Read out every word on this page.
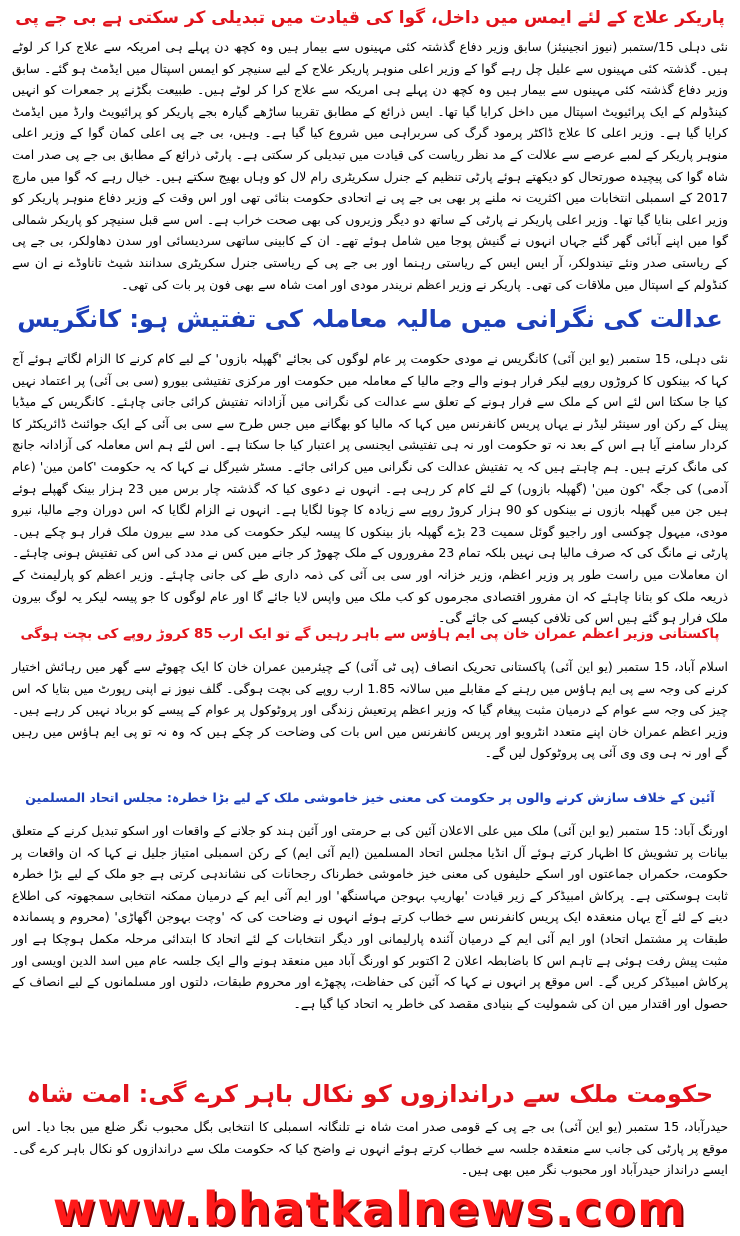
پاریکر علاج کے لئے ایمس میں داخل، گوا کی قیادت میں تبدیلی کر سکتی ہے بی جے پی

نئی دہلی 15/ستمبر (نیوز انجینیئز) سابق وزیر دفاع گذشتہ کئی مہینوں سے بیمار ہیں وہ کچھ دن پہلے ہی امریکہ سے علاج کرا کر لوٹے ہیں۔ گذشتہ کئی مہینوں سے علیل چل رہے گوا کے وزیر اعلی منوہر پاریکر علاج کے لیے سنیچر کو ایمس اسپتال میں ایڈمٹ ہو گئے۔ سابق وزیر دفاع گذشتہ کئی مہینوں سے بیمار ہیں وہ کچھ دن پہلے ہی امریکہ سے علاج کرا کر لوٹے ہیں۔ طبیعت بگڑنے پر جمعرات کو انہیں کینڈولم کے ایک پرائیویٹ اسپتال میں داخل کرایا گیا تھا۔ ایس ذرائع کے مطابق تقریبا ساڑھے گیارہ بجے پاریکر کو پرائیویٹ وارڈ میں ایڈمٹ کرایا گیا ہے۔ وزیر اعلی کا علاج ڈاکٹر پرمود گرگ کی سربراہی میں شروع کیا گیا ہے۔ وہیں، بی جے پی اعلی کمان گوا کے وزیر اعلی منوہر پاریکر کے لمبے عرصے سے علالت کے مد نظر ریاست کی قیادت میں تبدیلی کر سکتی ہے۔ پارٹی ذرائع کے مطابق بی جے پی صدر امت شاہ گوا کی پیچیدہ صورتحال کو دیکھتے ہوئے پارٹی تنظیم کے جنرل سکریٹری رام لال کو وہاں بھیج سکتے ہیں۔ خیال رہے کہ گوا میں مارچ 2017 کے اسمبلی انتخابات میں اکثریت نہ ملنے پر بھی بی جے پی نے اتحادی حکومت بنائی تھی اور اس وقت کے وزیر دفاع منوہر پاریکر کو وزیر اعلی بنایا گیا تھا۔ وزیر اعلی پاریکر نے پارٹی کے ساتھ دو دیگر وزیروں کی بھی صحت خراب ہے۔ اس سے قبل سنیچر کو پاریکر شمالی گوا میں اپنے آبائی گھر گئے جہاں انہوں نے گنیش پوجا میں شامل ہوئے تھے۔ ان کے کابینی ساتھی سردیسائی اور سدن دھاولکر، بی جے پی کے ریاستی صدر ونئے تیندولکر، آر ایس ایس کے ریاستی رہنما اور بی جے پی کے ریاستی جنرل سکریٹری سدانند شیٹ تاناوڈے نے ان سے کنڈولم کے اسپتال میں ملاقات کی تھی۔ پاریکر نے وزیر اعظم نریندر مودی اور امت شاہ سے بھی فون پر بات کی تھی۔

عدالت کی نگرانی میں مالیہ معاملہ کی تفتیش ہو: کانگریس

نئی دہلی، 15 ستمبر (یو این آئی) کانگریس نے مودی حکومت پر عام لوگوں کی بجائے 'گھپلہ بازوں' کے لیے کام کرنے کا الزام لگاتے ہوئے آج کہا کہ بینکوں کا کروڑوں روپے لیکر فرار ہونے والے وجے مالیا کے معاملہ میں حکومت اور مرکزی تفتیشی بیورو (سی بی آئی) پر اعتماد نہیں کیا جا سکتا اس لئے اس کے ملک سے فرار ہونے کے تعلق سے عدالت کی نگرانی میں آزادانہ تفتیش کرائی جانی چاہئے۔ کانگریس کے میڈیا پینل کے رکن اور سینئر لیڈر نے یہاں پریس کانفرنس میں کہا کہ مالیا کو بھگانے میں جس طرح سے سی بی آئی کے ایک جوائنٹ ڈائریکٹر کا کردار سامنے آیا ہے اس کے بعد نہ تو حکومت اور نہ ہی تفتیشی ایجنسی پر اعتبار کیا جا سکتا ہے۔ اس لئے ہم اس معاملہ کی آزادانہ جانچ کی مانگ کرتے ہیں۔ ہم چاہتے ہیں کہ یہ تفتیش عدالت کی نگرانی میں کرائی جائے۔ مسٹر شیرگل نے کہا کہ یہ حکومت 'کامن مین' (عام آدمی) کی جگہ 'کون مین' (گھپلہ بازوں) کے لئے کام کر رہی ہے۔ انہوں نے دعوی کیا کہ گذشتہ چار برس میں 23 ہزار بینک گھپلے ہوئے ہیں جن میں گھپلہ بازوں نے بینکوں کو 90 ہزار کروڑ روپے سے زیادہ کا چونا لگایا ہے۔ انہوں نے الزام لگایا کہ اس دوران وجے مالیا، نیرو مودی، میہول چوکسی اور راجیو گوئل سمیت 23 بڑے گھپلہ باز بینکوں کا پیسہ لیکر حکومت کی مدد سے بیرون ملک فرار ہو چکے ہیں۔ پارٹی نے مانگ کی کہ صرف مالیا ہی نہیں بلکہ تمام 23 مفروروں کے ملک چھوڑ کر جانے میں کس نے مدد کی اس کی تفتیش ہونی چاہئے۔ ان معاملات میں راست طور پر وزیر اعظم، وزیر خزانہ اور سی بی آئی کی ذمہ داری طے کی جانی چاہئے۔ وزیر اعظم کو پارلیمنٹ کے ذریعہ ملک کو بتانا چاہئے کہ ان مفرور اقتصادی مجرموں کو کب ملک میں واپس لایا جائے گا اور عام لوگوں کا جو پیسہ لیکر یہ لوگ بیرون ملک فرار ہو گئے ہیں اس کی تلافی کیسے کی جائے گی۔

پاکستانی وزیر اعظم عمران خان پی ایم ہاؤس سے باہر رہیں گے تو ایک ارب 85 کروڑ روپے کی بچت ہوگی

اسلام آباد، 15 ستمبر (یو این آئی) پاکستانی تحریک انصاف (پی ٹی آئی) کے چیئرمین عمران خان کا ایک چھوٹے سے گھر میں رہائش اختیار کرنے کی وجہ سے پی ایم ہاؤس میں رہنے کے مقابلے میں سالانہ 1.85 ارب روپے کی بچت ہوگی۔ گلف نیوز نے اپنی رپورٹ میں بتایا کہ اس چیز کی وجہ سے عوام کے درمیان مثبت پیغام گیا کہ وزیر اعظم پرتعیش زندگی اور پروٹوکول پر عوام کے پیسے کو برباد نہیں کر رہے ہیں۔ وزیر اعظم عمران خان اپنے متعدد انٹرویو اور پریس کانفرنس میں اس بات کی وضاحت کر چکے ہیں کہ وہ نہ تو پی ایم ہاؤس میں رہیں گے اور نہ ہی وی وی آئی پی پروٹوکول لیں گے۔

آئین کے خلاف سازش کرنے والوں پر حکومت کی معنی خیز خاموشی ملک کے لیے بڑا خطرہ: مجلس اتحاد المسلمین

اورنگ آباد: 15 ستمبر (یو این آئی) ملک میں علی الاعلان آئین کی بے حرمتی اور آئین ہند کو جلانے کے واقعات اور اسکو تبدیل کرنے کے متعلق بیانات پر تشویش کا اظہار کرتے ہوئے آل انڈیا مجلس اتحاد المسلمین (ایم آئی ایم) کے رکن اسمبلی امتیاز جلیل نے کہا کہ ان واقعات پر حکومت، حکمراں جماعتوں اور اسکے حلیفوں کی معنی خیز خاموشی خطرناک رجحانات کی نشاندہی کرتی ہے جو ملک کے لیے بڑا خطرہ ثابت ہوسکتی ہے۔ پرکاش امبیڈکر کے زیر قیادت 'بھاریپ بہوجن مہاسنگھ' اور ایم آئی ایم کے درمیان ممکنہ انتخابی سمجھوتہ کی اطلاع دینے کے لئے آج یہاں منعقدہ ایک پریس کانفرنس سے خطاب کرتے ہوئے انہوں نے وضاحت کی کہ 'وچت بہوجن اگھاڑی' (محروم و پسماندہ طبقات پر مشتمل اتحاد) اور ایم آئی ایم کے درمیان آئندہ پارلیمانی اور دیگر انتخابات کے لئے اتحاد کا ابتدائی مرحلہ مکمل ہوچکا ہے اور مثبت پیش رفت ہوئی ہے تاہم اس کا باضابطہ اعلان 2 اکتوبر کو اورنگ آباد میں منعقد ہونے والے ایک جلسہ عام میں اسد الدین اویسی اور پرکاش امبیڈکر کریں گے۔ اس موقع پر انہوں نے کہا کہ آئین کی حفاظت، پچھڑے اور محروم طبقات، دلتوں اور مسلمانوں کے لیے انصاف کے حصول اور اقتدار میں ان کی شمولیت کے بنیادی مقصد کی خاطر یہ اتحاد کیا گیا ہے۔

حکومت ملک سے دراندازوں کو نکال باہر کرے گی: امت شاہ

حیدرآباد، 15 ستمبر (یو این آئی) بی جے پی کے قومی صدر امت شاہ نے تلنگانہ اسمبلی کا انتخابی بگل محبوب نگر ضلع میں بجا دیا۔ اس موقع پر پارٹی کی جانب سے منعقدہ جلسہ سے خطاب کرتے ہوئے انہوں نے واضح کیا کہ حکومت ملک سے دراندازوں کو نکال باہر کرے گی۔ ایسے درانداز حیدرآباد اور محبوب نگر میں بھی ہیں۔

www.bhatkalnews.com
